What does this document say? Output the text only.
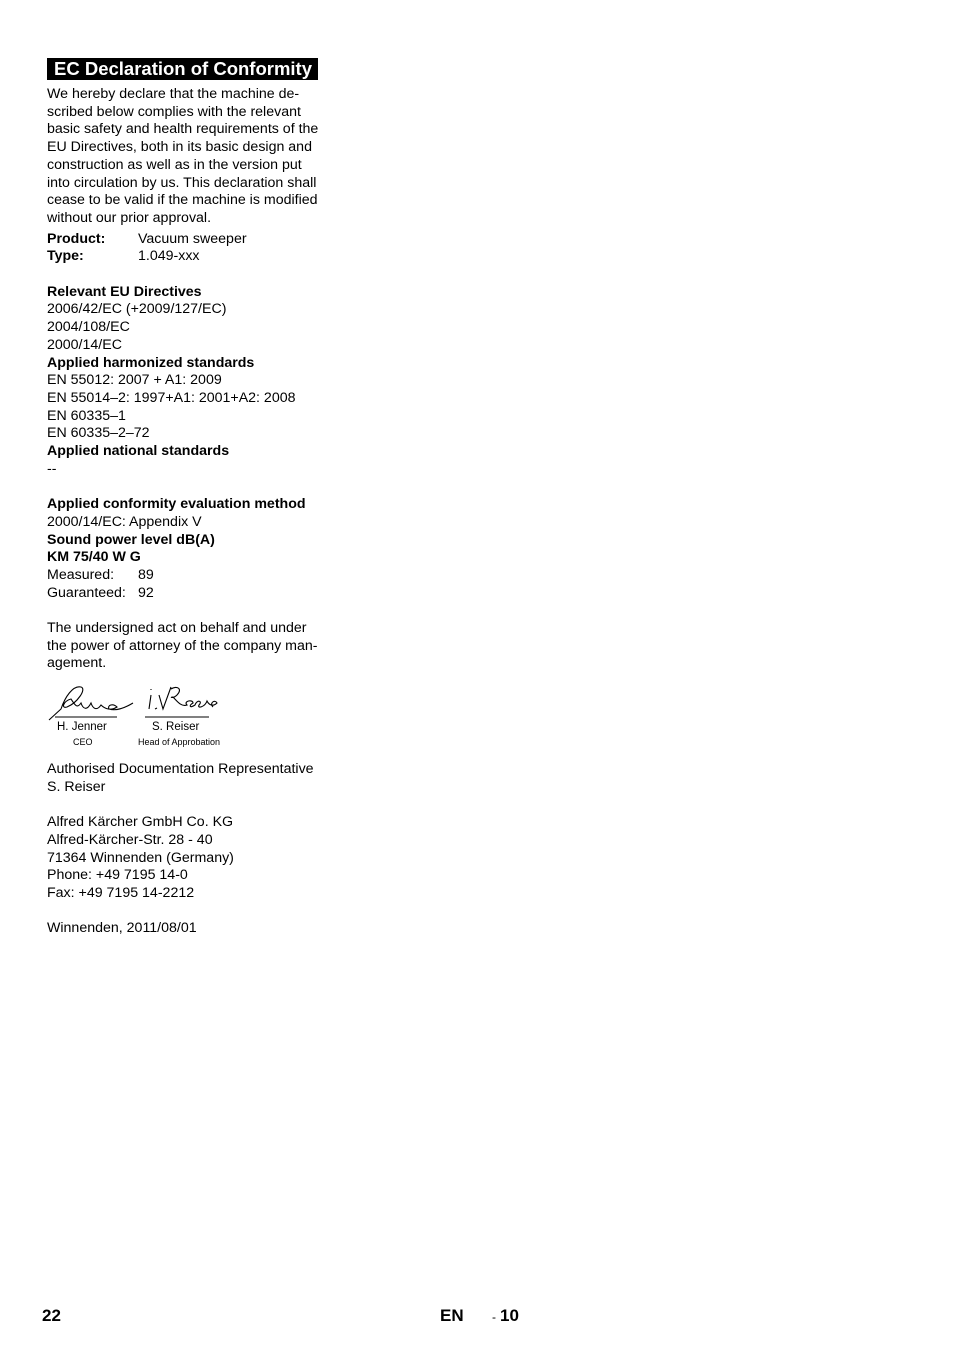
EC Declaration of Conformity

We hereby declare that the machine de-

scribed below complies with the relevant

basic safety and health requirements of the

EU Directives, both in its basic design and

construction as well as in the version put

into circulation by us. This declaration shall

cease to be valid if the machine is modified

without our prior approval.

Product:	Vacuum sweeper
Type:	1.049-xxx

Relevant EU Directives

2006/42/EC (+2009/127/EC)

2004/108/EC

2000/14/EC

Applied harmonized standards

EN 55012: 2007 + A1: 2009

EN 55014–2: 1997+A1: 2001+A2: 2008

EN 60335–1

EN 60335–2–72

Applied national standards

--

Applied conformity evaluation method

2000/14/EC: Appendix V

Sound power level dB(A)

KM 75/40 W G

Measured:	89
Guaranteed: 92

The undersigned act on behalf and under

the power of attorney of the company man-

agement.

H. Jenner
CEO
S. Reiser
Head of Approbation

Authorised Documentation Representative

S. Reiser

Alfred Kärcher GmbH Co. KG

Alfred-Kärcher-Str. 28 - 40

71364 Winnenden (Germany)

Phone: +49 7195 14-0

Fax: +49 7195 14-2212

Winnenden, 2011/08/01

22	EN - 10
